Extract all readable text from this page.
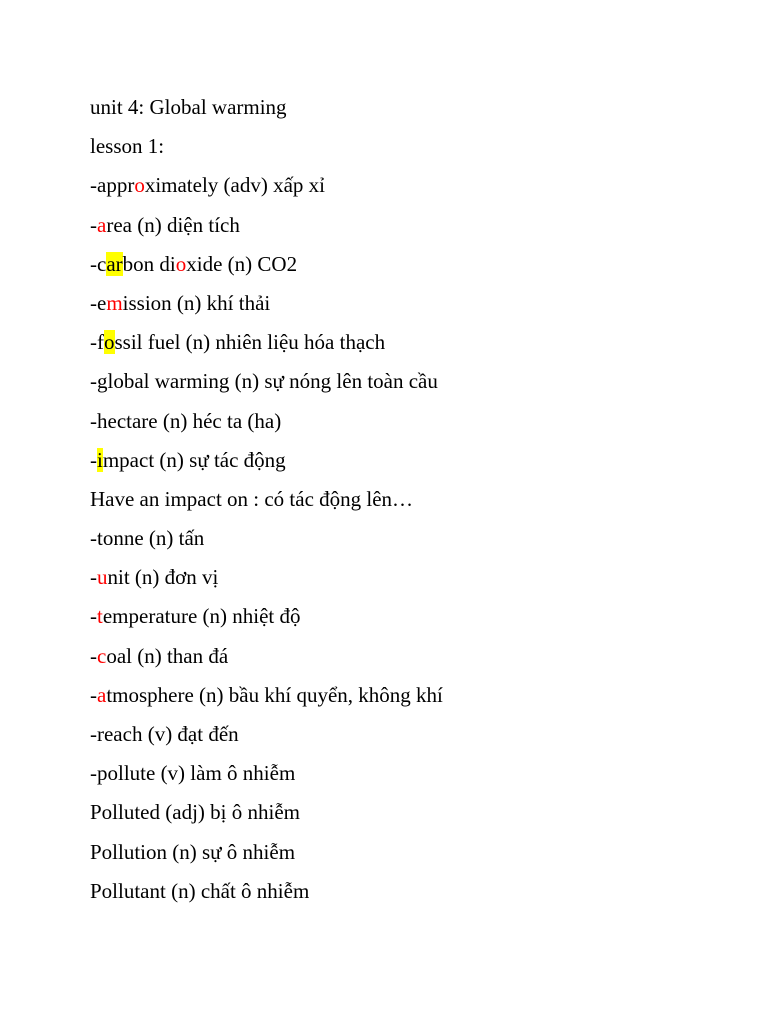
unit 4: Global warming
lesson 1:
-approximately (adv) xấp xỉ
-area (n) diện tích
-carbon dioxide (n) CO2
-emission (n) khí thải
-fossil fuel (n) nhiên liệu hóa thạch
-global warming (n) sự nóng lên toàn cầu
-hectare (n) héc ta (ha)
-impact (n) sự tác động
Have an impact on : có tác động lên…
-tonne (n) tấn
-unit (n) đơn vị
-temperature (n) nhiệt độ
-coal (n) than đá
-atmosphere (n) bầu khí quyển, không khí
-reach (v) đạt đến
-pollute (v) làm ô nhiễm
Polluted (adj) bị ô nhiễm
Pollution (n) sự ô nhiễm
Pollutant (n) chất ô nhiễm
